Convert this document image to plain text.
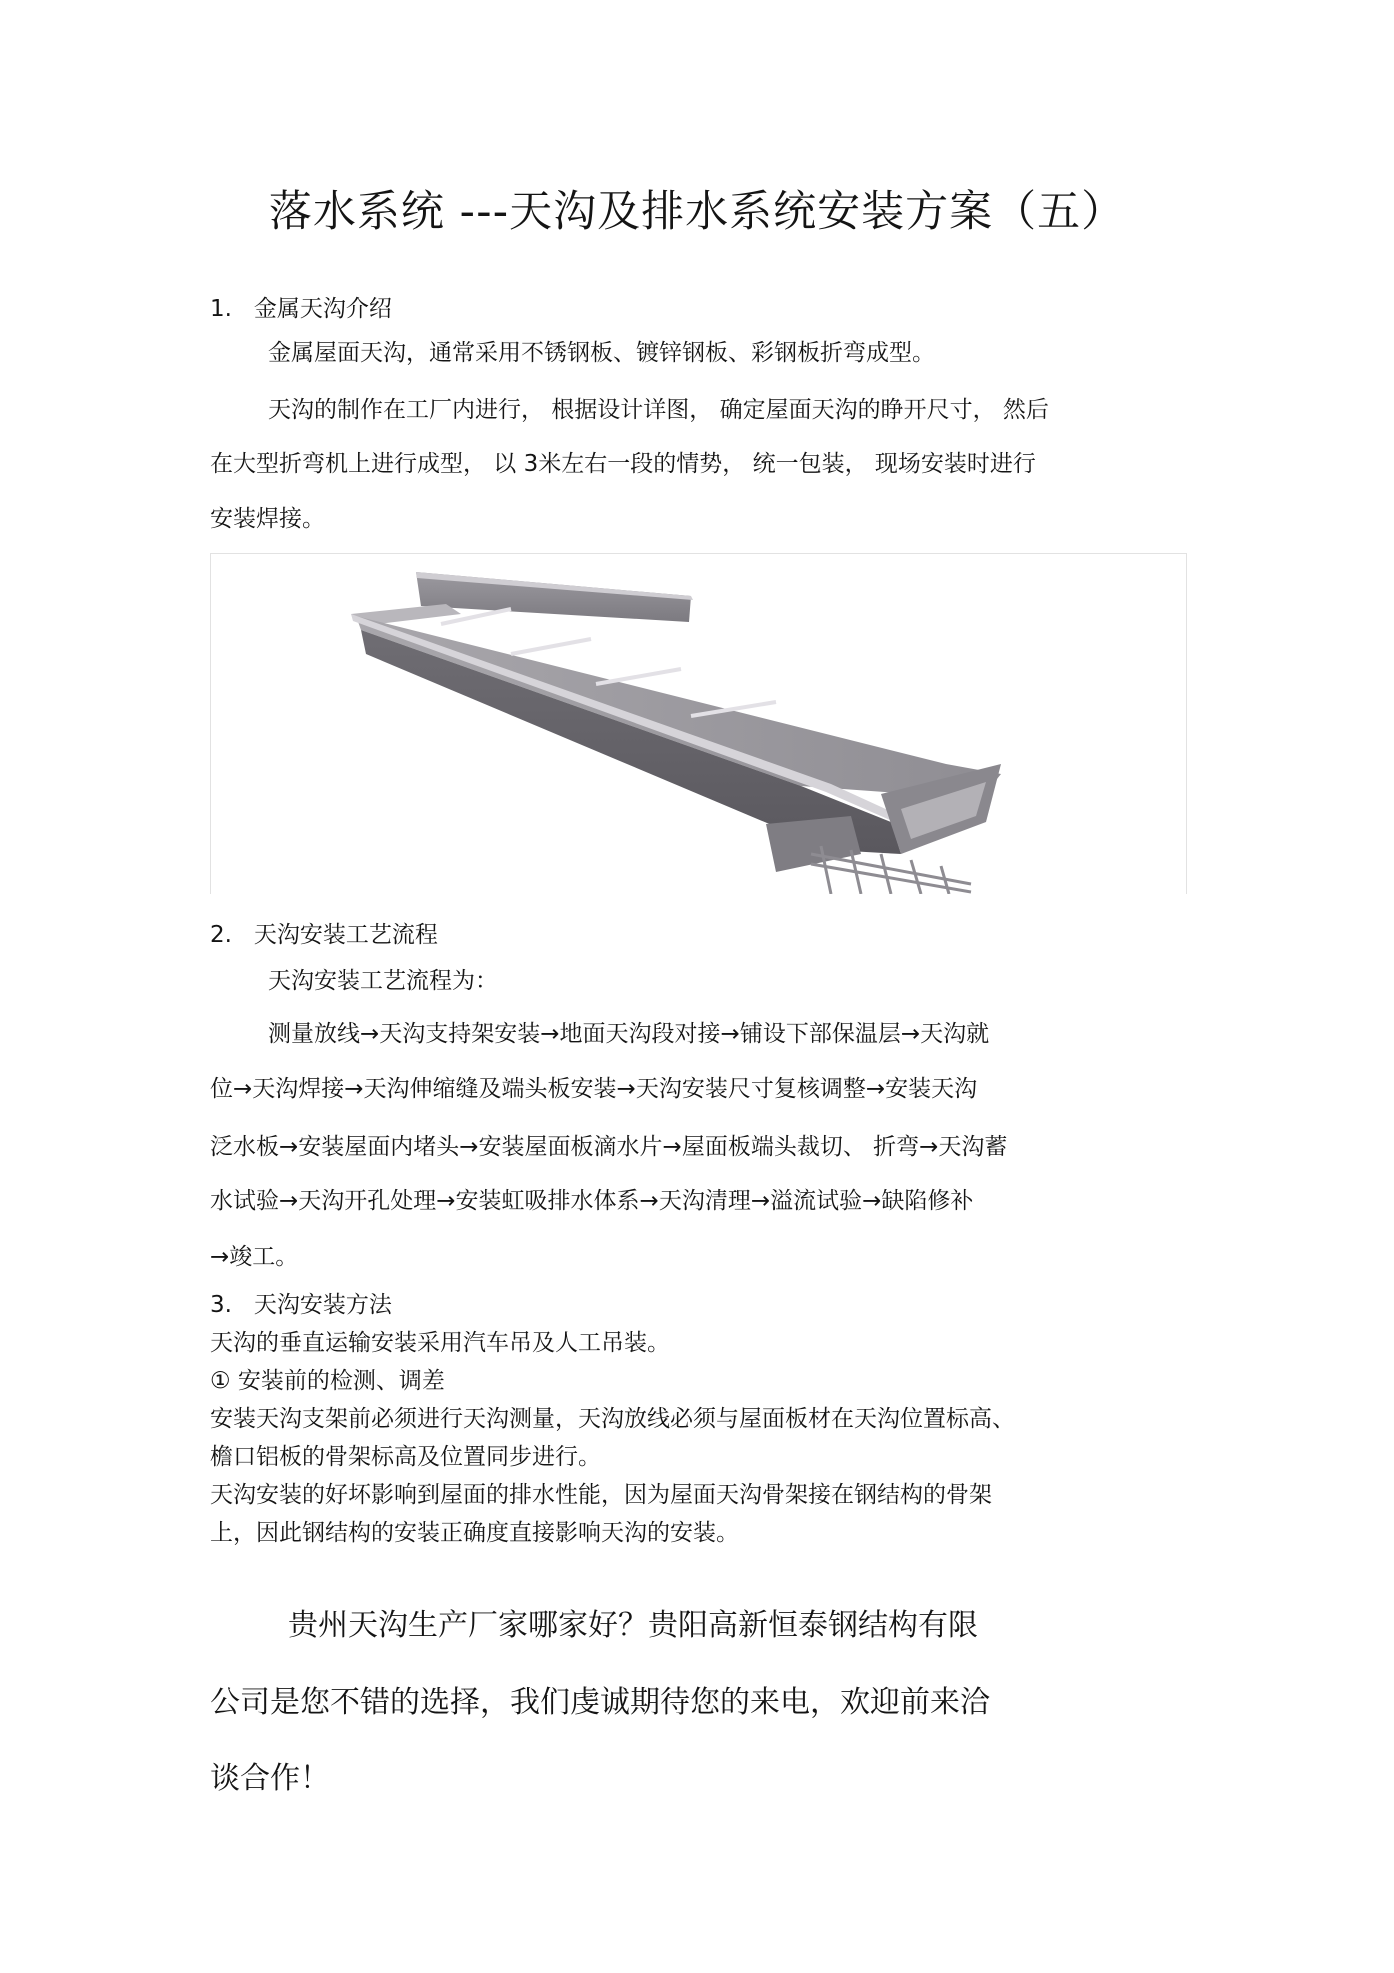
落水系统 ---天沟及排水系统安装方案（五）
1.   金属天沟介绍
金属屋面天沟，通常采用不锈钢板、镀锌钢板、彩钢板折弯成型。
天沟的制作在工厂内进行， 根据设计详图， 确定屋面天沟的睁开尺寸， 然后
在大型折弯机上进行成型， 以 3米左右一段的情势， 统一包装， 现场安装时进行
安装焊接。
2.   天沟安装工艺流程
天沟安装工艺流程为：
测量放线→天沟支持架安装→地面天沟段对接→铺设下部保温层→天沟就
位→天沟焊接→天沟伸缩缝及端头板安装→天沟安装尺寸复核调整→安装天沟
泛水板→安装屋面内堵头→安装屋面板滴水片→屋面板端头裁切、 折弯→天沟蓄
水试验→天沟开孔处理→安装虹吸排水体系→天沟清理→溢流试验→缺陷修补
→竣工。
3.   天沟安装方法
天沟的垂直运输安装采用汽车吊及人工吊装。
① 安装前的检测、调差
安装天沟支架前必须进行天沟测量，天沟放线必须与屋面板材在天沟位置标高、
檐口铝板的骨架标高及位置同步进行。
天沟安装的好坏影响到屋面的排水性能，因为屋面天沟骨架接在钢结构的骨架
上，因此钢结构的安装正确度直接影响天沟的安装。
贵州天沟生产厂家哪家好？贵阳高新恒泰钢结构有限
公司是您不错的选择，我们虔诚期待您的来电，欢迎前来洽
谈合作！
